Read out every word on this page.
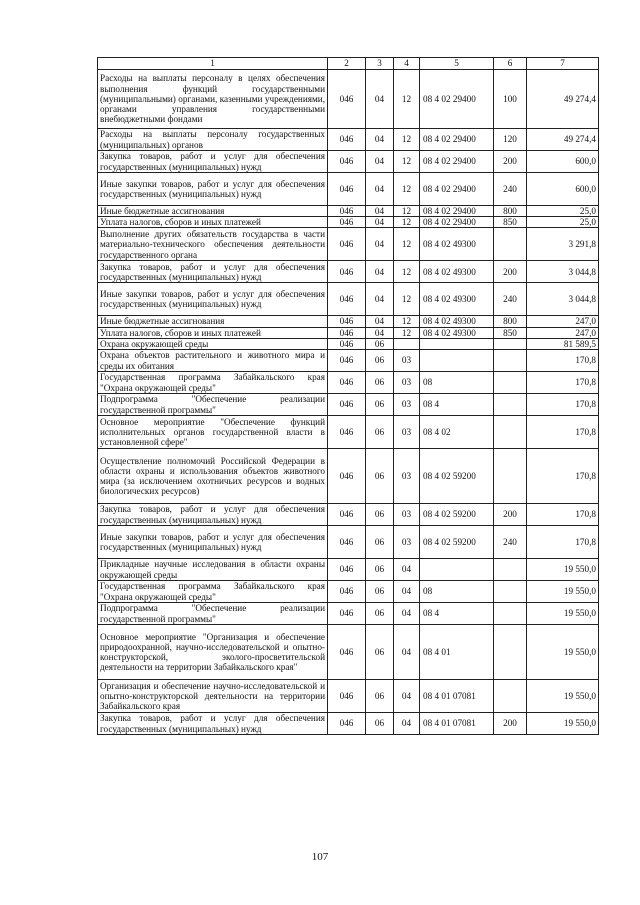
1	2	3	4	5	6	7
Расходы на выплаты персоналу в целях обеспечения выполнения функций государственными (муниципальными) органами, казенными учреждениями, органами управления государственными внебюджетными фондами	046	04	12	08 4 02 29400	100	49 274,4
Расходы на выплаты персоналу государственных (муниципальных) органов	046	04	12	08 4 02 29400	120	49 274,4
Закупка товаров, работ и услуг для обеспечения государственных (муниципальных) нужд	046	04	12	08 4 02 29400	200	600,0
Иные закупки товаров, работ и услуг для обеспечения государственных (муниципальных) нужд	046	04	12	08 4 02 29400	240	600,0
Иные бюджетные ассигнования	046	04	12	08 4 02 29400	800	25,0
Уплата налогов, сборов и иных платежей	046	04	12	08 4 02 29400	850	25,0
Выполнение других обязательств государства в части материально-технического обеспечения деятельности государственного органа	046	04	12	08 4 02 49300		3 291,8
Закупка товаров, работ и услуг для обеспечения государственных (муниципальных) нужд	046	04	12	08 4 02 49300	200	3 044,8
Иные закупки товаров, работ и услуг для обеспечения государственных (муниципальных) нужд	046	04	12	08 4 02 49300	240	3 044,8
Иные бюджетные ассигнования	046	04	12	08 4 02 49300	800	247,0
Уплата налогов, сборов и иных платежей	046	04	12	08 4 02 49300	850	247,0
Охрана окружающей среды	046	06				81 589,5
Охрана объектов растительного и животного мира и среды их обитания	046	06	03			170,8
Государственная программа Забайкальского края "Охрана окружающей среды"	046	06	03	08		170,8
Подпрограмма "Обеспечение реализации государственной программы"	046	06	03	08 4		170,8
Основное мероприятие "Обеспечение функций исполнительных органов государственной власти в установленной сфере"	046	06	03	08 4 02		170,8
Осуществление полномочий Российской Федерации в области охраны и использования объектов животного мира (за исключением охотничьих ресурсов и водных биологических ресурсов)	046	06	03	08 4 02 59200		170,8
Закупка товаров, работ и услуг для обеспечения государственных (муниципальных) нужд	046	06	03	08 4 02 59200	200	170,8
Иные закупки товаров, работ и услуг для обеспечения государственных (муниципальных) нужд	046	06	03	08 4 02 59200	240	170,8
Прикладные научные исследования в области охраны окружающей среды	046	06	04			19 550,0
Государственная программа Забайкальского края "Охрана окружающей среды"	046	06	04	08		19 550,0
Подпрограмма "Обеспечение реализации государственной программы"	046	06	04	08 4		19 550,0
Основное мероприятие "Организация и обеспечение природоохранной, научно-исследовательской и опытно- конструкторской, эколого-просветительской деятельности на территории Забайкальского края"	046	06	04	08 4 01		19 550,0
Организация и обеспечение научно-исследовательской и опытно-конструкторской деятельности на территории Забайкальского края	046	06	04	08 4 01 07081		19 550,0
Закупка товаров, работ и услуг для обеспечения государственных (муниципальных) нужд	046	06	04	08 4 01 07081	200	19 550,0
107
